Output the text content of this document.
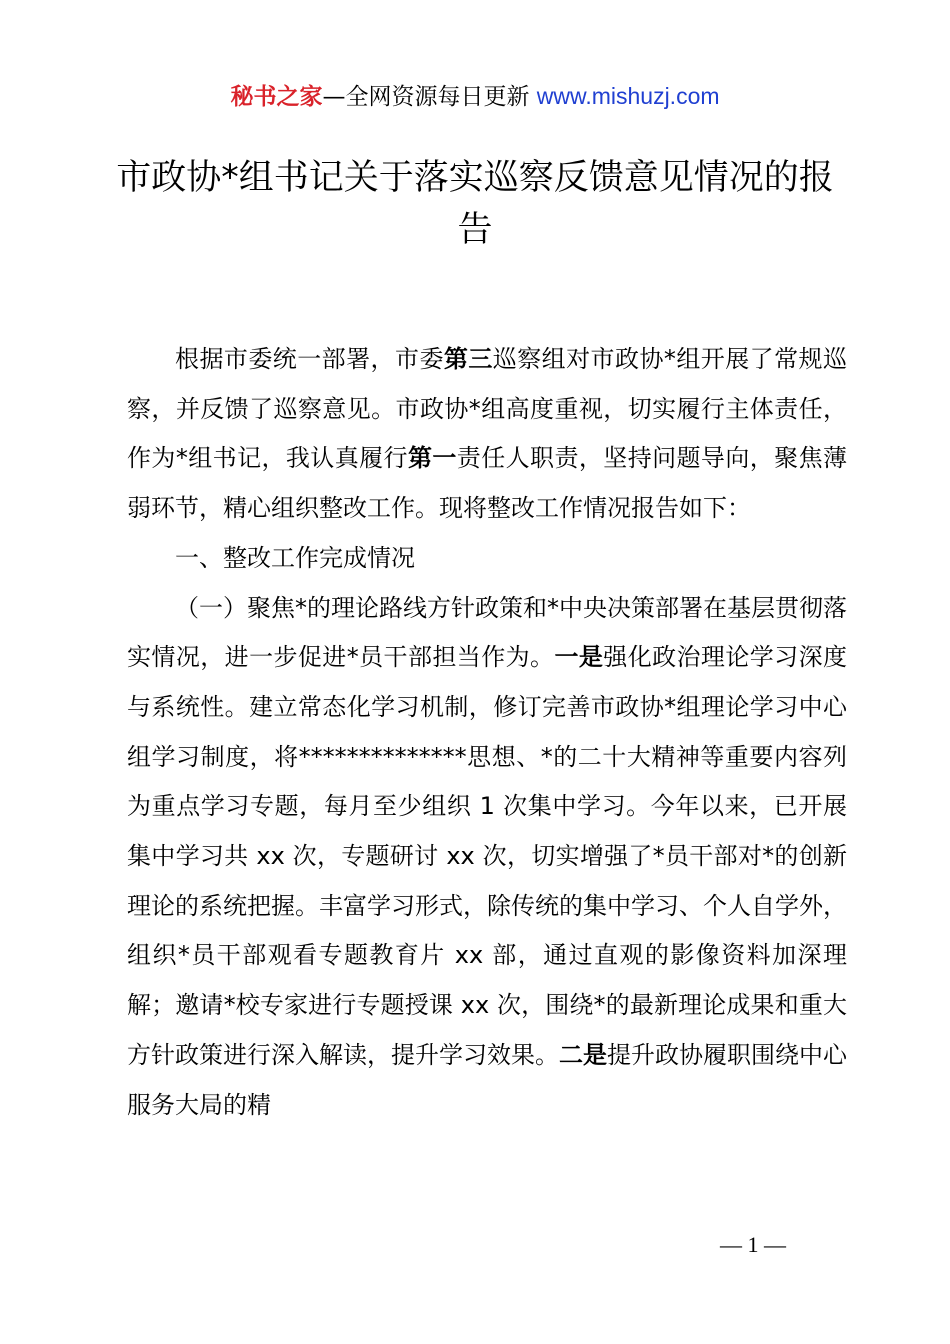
秘书之家—全网资源每日更新 www.mishuzj.com
市政协*组书记关于落实巡察反馈意见情况的报告

根据市委统一部署，市委第三巡察组对市政协*组开展了常规巡察，并反馈了巡察意见。市政协*组高度重视，切实履行主体责任，作为*组书记，我认真履行第一责任人职责，坚持问题导向，聚焦薄弱环节，精心组织整改工作。现将整改工作情况报告如下：

一、整改工作完成情况

（一）聚焦*的理论路线方针政策和*中央决策部署在基层贯彻落实情况，进一步促进*员干部担当作为。一是强化政治理论学习深度与系统性。建立常态化学习机制，修订完善市政协*组理论学习中心组学习制度，将**************思想、*的二十大精神等重要内容列为重点学习专题，每月至少组织 1 次集中学习。今年以来，已开展集中学习共 xx 次，专题研讨 xx 次，切实增强了*员干部对*的创新理论的系统把握。丰富学习形式，除传统的集中学习、个人自学外，组织*员干部观看专题教育片 xx 部，通过直观的影像资料加深理解；邀请*校专家进行专题授课 xx 次，围绕*的最新理论成果和重大方针政策进行深入解读，提升学习效果。二是提升政协履职围绕中心服务大局的精

— 1 —
